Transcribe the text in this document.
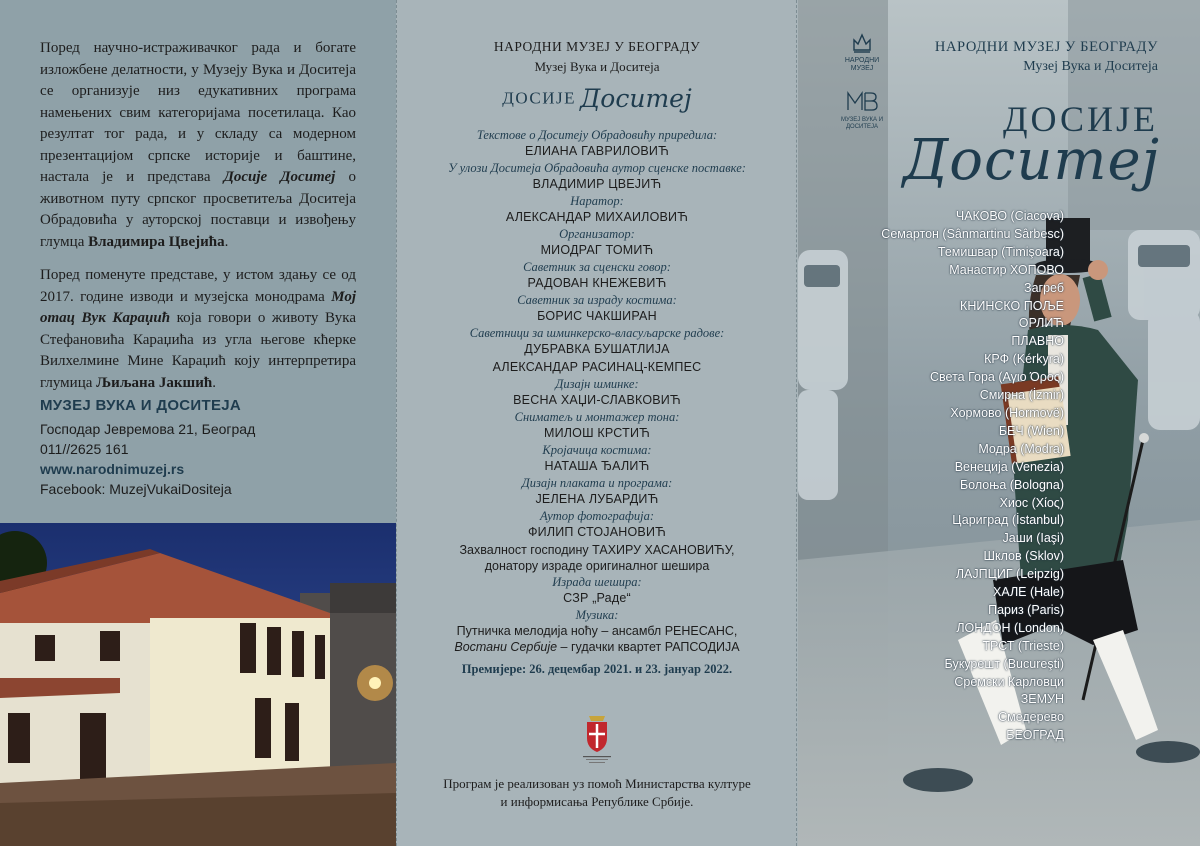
Поред научно-истраживачког рада и богате изложбене делатности, у Музеју Вука и Доситеја се организује низ едукативних програма намењених свим категоријама посетилаца. Као резултат тог рада, и у складу са модерном презентацијом српске историје и баштине, настала је и представа Досије Доситеј о животном путу српског просветитеља Доситеја Обрадовића у ауторској поставци и извођењу глумца Владимира Цвејића.

Поред поменуте представе, у истом здању се од 2017. године изводи и музејска монодрама Мој отац Вук Караџић која говори о животу Вука Стефановића Караџића из угла његове кћерке Вилхелмине Мине Караџић коју интерпретира глумица Љиљана Јакшић.

МУЗЕЈ ВУКА И ДОСИТЕЈА
Господар Јевремова 21, Београд
011//2625 161
www.narodnimuzej.rs
Facebook: MuzejVukaiDositeja
НАРОДНИ МУЗЕЈ У БЕОГРАДУ
Музеј Вука и Доситеја
ДОСИЈЕ Доситеј
Текстове о Доситеју Обрадовићу приредила:
ЕЛИАНА ГАВРИЛОВИЋ
У улози Доситеја Обрадовића аутор сценске поставке:
ВЛАДИМИР ЦВЕЈИЋ
Наратор:
АЛЕКСАНДАР МИХАИЛОВИЋ
Организатор:
МИОДРАГ ТОМИЋ
Саветник за сценски говор:
РАДОВАН КНЕЖЕВИЋ
Саветник за израду костима:
БОРИС ЧАКШИРАН
Саветници за шминкерско-власуљарске радове:
ДУБРАВКА БУШАТЛИЈА
АЛЕКСАНДАР РАСИНАЦ-КЕМПЕС
Дизајн шминке:
ВЕСНА ХАЏИ-СЛАВКОВИЋ
Сниматељ и монтажер тона:
МИЛОШ КРСТИЋ
Кројачица костима:
НАТАША ЂАЛИЋ
Дизајн плаката и програма:
ЈЕЛЕНА ЛУБАРДИЋ
Аутор фотографија:
ФИЛИП СТОЈАНОВИЋ
Захвалност господину ТАХИРУ ХАСАНОВИЋУ,
донатору израде оригиналног шешира
Израда шешира:
СЗР „Раде“
Музика:
Путничка мелодија ноћу – ансамбл РЕНЕСАНС,
Востани Сербије – гудачки квартет РАПСОДИЈА
Премијере: 26. децембар 2021. и 23. јануар 2022.
Програм је реализован уз помоћ Министарства културе
и информисања Републике Србије.
НАРОДНИ МУЗЕЈ
МУЗЕЈ ВУКА И ДОСИТЕЈА
НАРОДНИ МУЗЕЈ У БЕОГРАДУ
Музеј Вука и Доситеја
ДОСИЈЕ
Доситеј
ЧАКОВО (Ciacova)
Семартон (Sânmartinu Sârbesc)
Темишвар (Timişoara)
Манастир ХОПОВО
Загреб
КНИНСКО ПОЉЕ
ОРЛИЋ
ПЛАВНО
КРФ (Kérkyra)
Света Гора (Αγιο Όρος)
Смирна (İzmir)
Хормово (Hormovë)
БЕЧ (Wien)
Модра (Modra)
Венеција (Venezia)
Болоња (Bologna)
Хиос (Χίος)
Цариград (İstanbul)
Јаши (Iaşi)
Шклов (Sklov)
ЛАЈПЦИГ (Leipzig)
ХАЛЕ (Hale)
Париз (Paris)
ЛОНДОН (London)
ТРСТ (Trieste)
Букурешт (Bucureşti)
Сремски Карловци
ЗЕМУН
Смедерево
БЕОГРАД
